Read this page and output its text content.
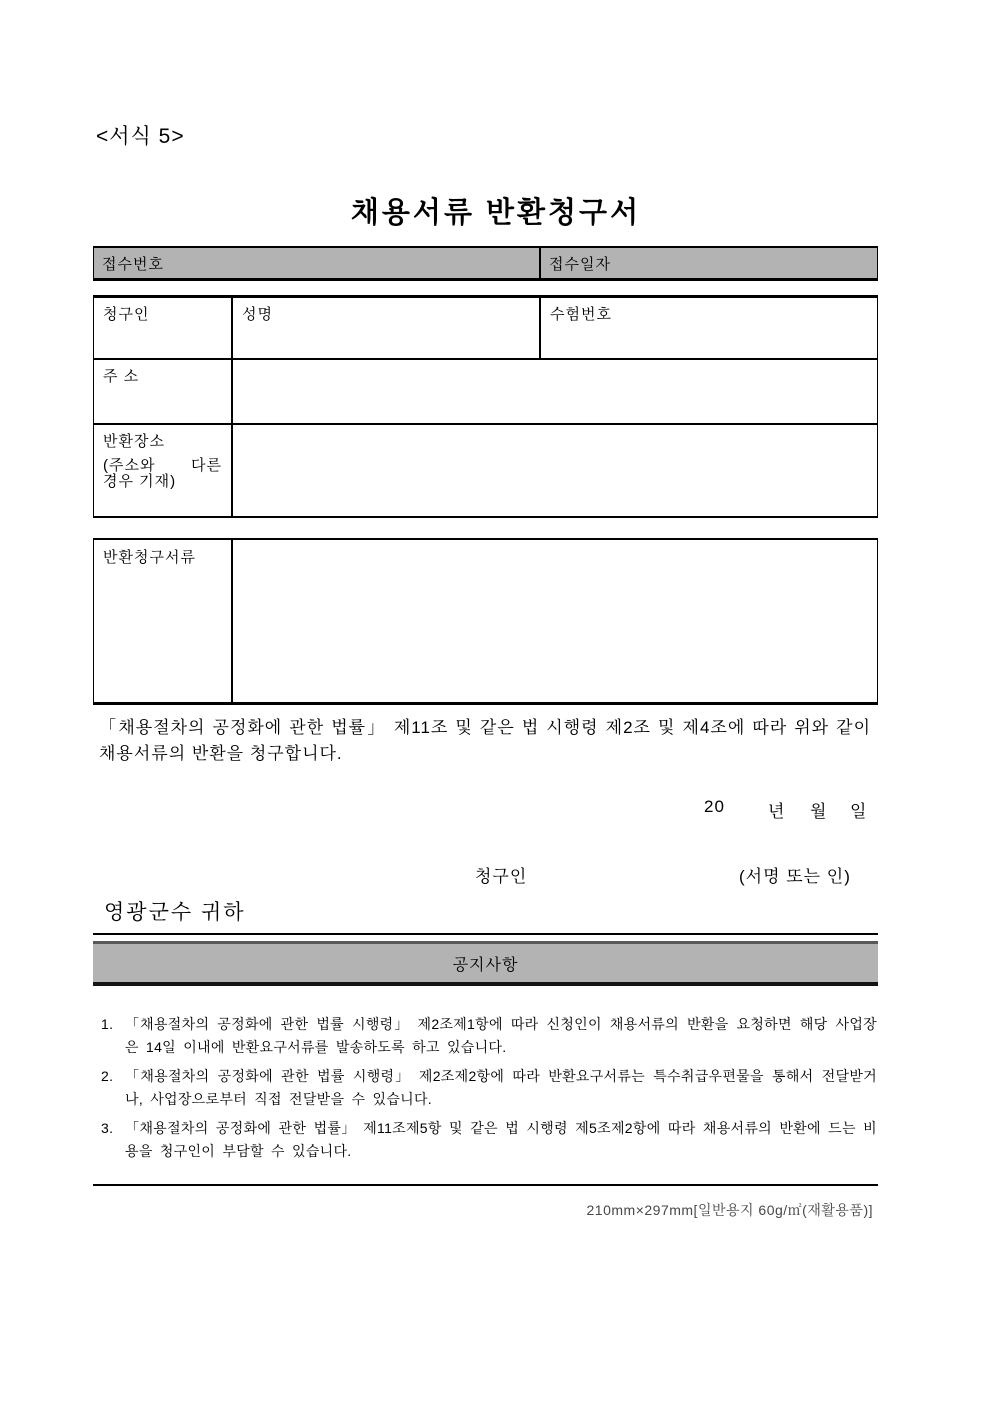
<서식 5>
채용서류 반환청구서
접수번호	접수일자
청구인	성명	수험번호
주 소
반환장소
(주소와 다른
경우 기재)
반환청구서류
「채용절차의 공정화에 관한 법률」 제11조 및 같은 법 시행령 제2조 및 제4조에 따라 위와 같이
채용서류의 반환을 청구합니다.
20	년 월 일
청구인	(서명 또는 인)
영광군수 귀하
공지사항
1. 「채용절차의 공정화에 관한 법률 시행령」 제2조제1항에 따라 신청인이 채용서류의 반환을 요청하면 해당 사업장은 14일 이내에 반환요구서류를 발송하도록 하고 있습니다.
2. 「채용절차의 공정화에 관한 법률 시행령」 제2조제2항에 따라 반환요구서류는 특수취급우편물을 통해서 전달받거나, 사업장으로부터 직접 전달받을 수 있습니다.
3. 「채용절차의 공정화에 관한 법률」 제11조제5항 및 같은 법 시행령 제5조제2항에 따라 채용서류의 반환에 드는 비용을 청구인이 부담할 수 있습니다.
210mm×297mm[일반용지 60g/㎡(재활용품)]
